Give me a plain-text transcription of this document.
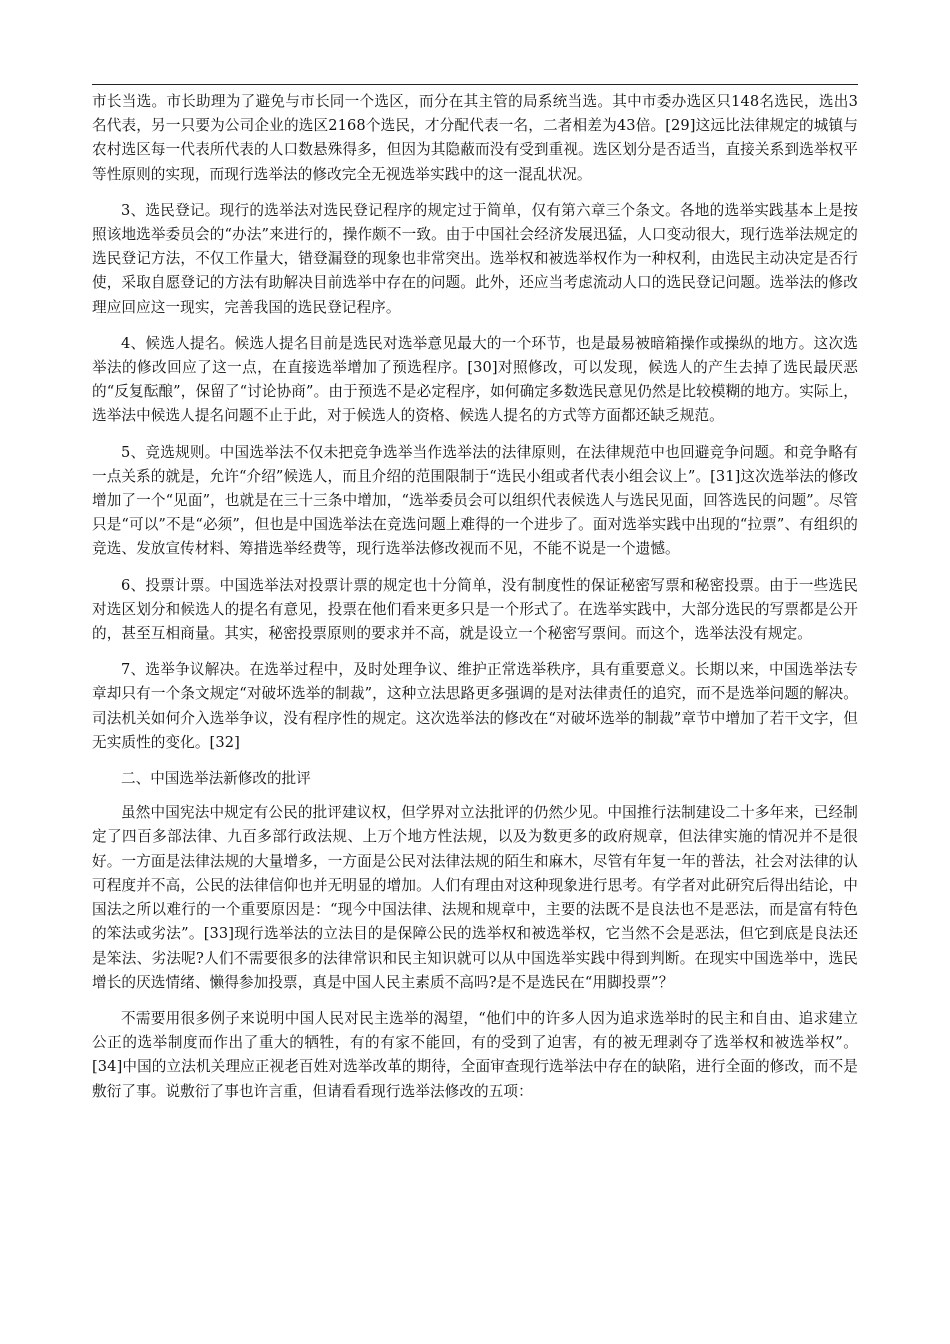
市长当选。市长助理为了避免与市长同一个选区，而分在其主管的局系统当选。其中市委办选区只148名选民，选出3名代表，另一只要为公司企业的选区2168个选民，才分配代表一名，二者相差为43倍。[29]这远比法律规定的城镇与农村选区每一代表所代表的人口数悬殊得多，但因为其隐蔽而没有受到重视。选区划分是否适当，直接关系到选举权平等性原则的实现，而现行选举法的修改完全无视选举实践中的这一混乱状况。

3、选民登记。现行的选举法对选民登记程序的规定过于简单，仅有第六章三个条文。各地的选举实践基本上是按照该地选举委员会的“办法”来进行的，操作颇不一致。由于中国社会经济发展迅猛，人口变动很大，现行选举法规定的选民登记方法，不仅工作量大，错登漏登的现象也非常突出。选举权和被选举权作为一种权利，由选民主动决定是否行使，采取自愿登记的方法有助解决目前选举中存在的问题。此外，还应当考虑流动人口的选民登记问题。选举法的修改理应回应这一现实，完善我国的选民登记程序。

4、候选人提名。候选人提名目前是选民对选举意见最大的一个环节，也是最易被暗箱操作或操纵的地方。这次选举法的修改回应了这一点，在直接选举增加了预选程序。[30]对照修改，可以发现，候选人的产生去掉了选民最厌恶的“反复酝酿”，保留了“讨论协商”。由于预选不是必定程序，如何确定多数选民意见仍然是比较模糊的地方。实际上，选举法中候选人提名问题不止于此，对于候选人的资格、候选人提名的方式等方面都还缺乏规范。

5、竞选规则。中国选举法不仅未把竞争选举当作选举法的法律原则，在法律规范中也回避竞争问题。和竞争略有一点关系的就是，允许“介绍”候选人，而且介绍的范围限制于“选民小组或者代表小组会议上”。[31]这次选举法的修改增加了一个“见面”，也就是在三十三条中增加，“选举委员会可以组织代表候选人与选民见面，回答选民的问题”。尽管只是“可以”不是“必须”，但也是中国选举法在竞选问题上难得的一个进步了。面对选举实践中出现的“拉票”、有组织的竞选、发放宣传材料、筹措选举经费等，现行选举法修改视而不见，不能不说是一个遗憾。

6、投票计票。中国选举法对投票计票的规定也十分简单，没有制度性的保证秘密写票和秘密投票。由于一些选民对选区划分和候选人的提名有意见，投票在他们看来更多只是一个形式了。在选举实践中，大部分选民的写票都是公开的，甚至互相商量。其实，秘密投票原则的要求并不高，就是设立一个秘密写票间。而这个，选举法没有规定。

7、选举争议解决。在选举过程中，及时处理争议、维护正常选举秩序，具有重要意义。长期以来，中国选举法专章却只有一个条文规定“对破坏选举的制裁”，这种立法思路更多强调的是对法律责任的追究，而不是选举问题的解决。司法机关如何介入选举争议，没有程序性的规定。这次选举法的修改在“对破坏选举的制裁”章节中增加了若干文字，但无实质性的变化。[32]

二、中国选举法新修改的批评

虽然中国宪法中规定有公民的批评建议权，但学界对立法批评的仍然少见。中国推行法制建设二十多年来，已经制定了四百多部法律、九百多部行政法规、上万个地方性法规，以及为数更多的政府规章，但法律实施的情况并不是很好。一方面是法律法规的大量增多，一方面是公民对法律法规的陌生和麻木，尽管有年复一年的普法，社会对法律的认可程度并不高，公民的法律信仰也并无明显的增加。人们有理由对这种现象进行思考。有学者对此研究后得出结论，中国法之所以难行的一个重要原因是：“现今中国法律、法规和规章中，主要的法既不是良法也不是恶法，而是富有特色的笨法或劣法”。[33]现行选举法的立法目的是保障公民的选举权和被选举权，它当然不会是恶法，但它到底是良法还是笨法、劣法呢?人们不需要很多的法律常识和民主知识就可以从中国选举实践中得到判断。在现实中国选举中，选民增长的厌选情绪、懒得参加投票，真是中国人民主素质不高吗?是不是选民在“用脚投票”？

不需要用很多例子来说明中国人民对民主选举的渴望，“他们中的许多人因为追求选举时的民主和自由、追求建立公正的选举制度而作出了重大的牺牲，有的有家不能回，有的受到了迫害，有的被无理剥夺了选举权和被选举权”。[34]中国的立法机关理应正视老百姓对选举改革的期待，全面审查现行选举法中存在的缺陷，进行全面的修改，而不是敷衍了事。说敷衍了事也许言重，但请看看现行选举法修改的五项：
